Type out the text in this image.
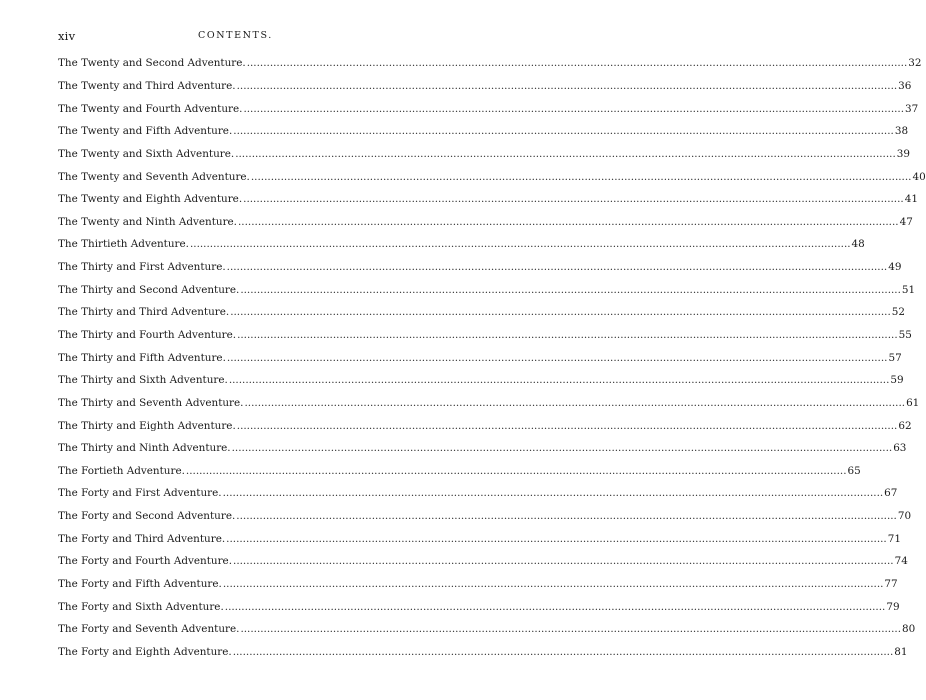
xiv	CONTENTS.
The Twenty and Second Adventure. ........................................................................................................................................................................................................ 32
The Twenty and Third Adventure. ........................................................................................................................................................................................................ 36
The Twenty and Fourth Adventure. ........................................................................................................................................................................................................ 37
The Twenty and Fifth Adventure. ........................................................................................................................................................................................................ 38
The Twenty and Sixth Adventure. ........................................................................................................................................................................................................ 39
The Twenty and Seventh Adventure. ........................................................................................................................................................................................................ 40
The Twenty and Eighth Adventure. ........................................................................................................................................................................................................ 41
The Twenty and Ninth Adventure. ........................................................................................................................................................................................................ 47
The Thirtieth Adventure. ........................................................................................................................................................................................................ 48
The Thirty and First Adventure. ........................................................................................................................................................................................................ 49
The Thirty and Second Adventure. ........................................................................................................................................................................................................ 51
The Thirty and Third Adventure. ........................................................................................................................................................................................................ 52
The Thirty and Fourth Adventure. ........................................................................................................................................................................................................ 55
The Thirty and Fifth Adventure. ........................................................................................................................................................................................................ 57
The Thirty and Sixth Adventure. ........................................................................................................................................................................................................ 59
The Thirty and Seventh Adventure. ........................................................................................................................................................................................................ 61
The Thirty and Eighth Adventure. ........................................................................................................................................................................................................ 62
The Thirty and Ninth Adventure. ........................................................................................................................................................................................................ 63
The Fortieth Adventure. ........................................................................................................................................................................................................ 65
The Forty and First Adventure. ........................................................................................................................................................................................................ 67
The Forty and Second Adventure. ........................................................................................................................................................................................................ 70
The Forty and Third Adventure. ........................................................................................................................................................................................................ 71
The Forty and Fourth Adventure. ........................................................................................................................................................................................................ 74
The Forty and Fifth Adventure. ........................................................................................................................................................................................................ 77
The Forty and Sixth Adventure. ........................................................................................................................................................................................................ 79
The Forty and Seventh Adventure. ........................................................................................................................................................................................................ 80
The Forty and Eighth Adventure. ........................................................................................................................................................................................................ 81
